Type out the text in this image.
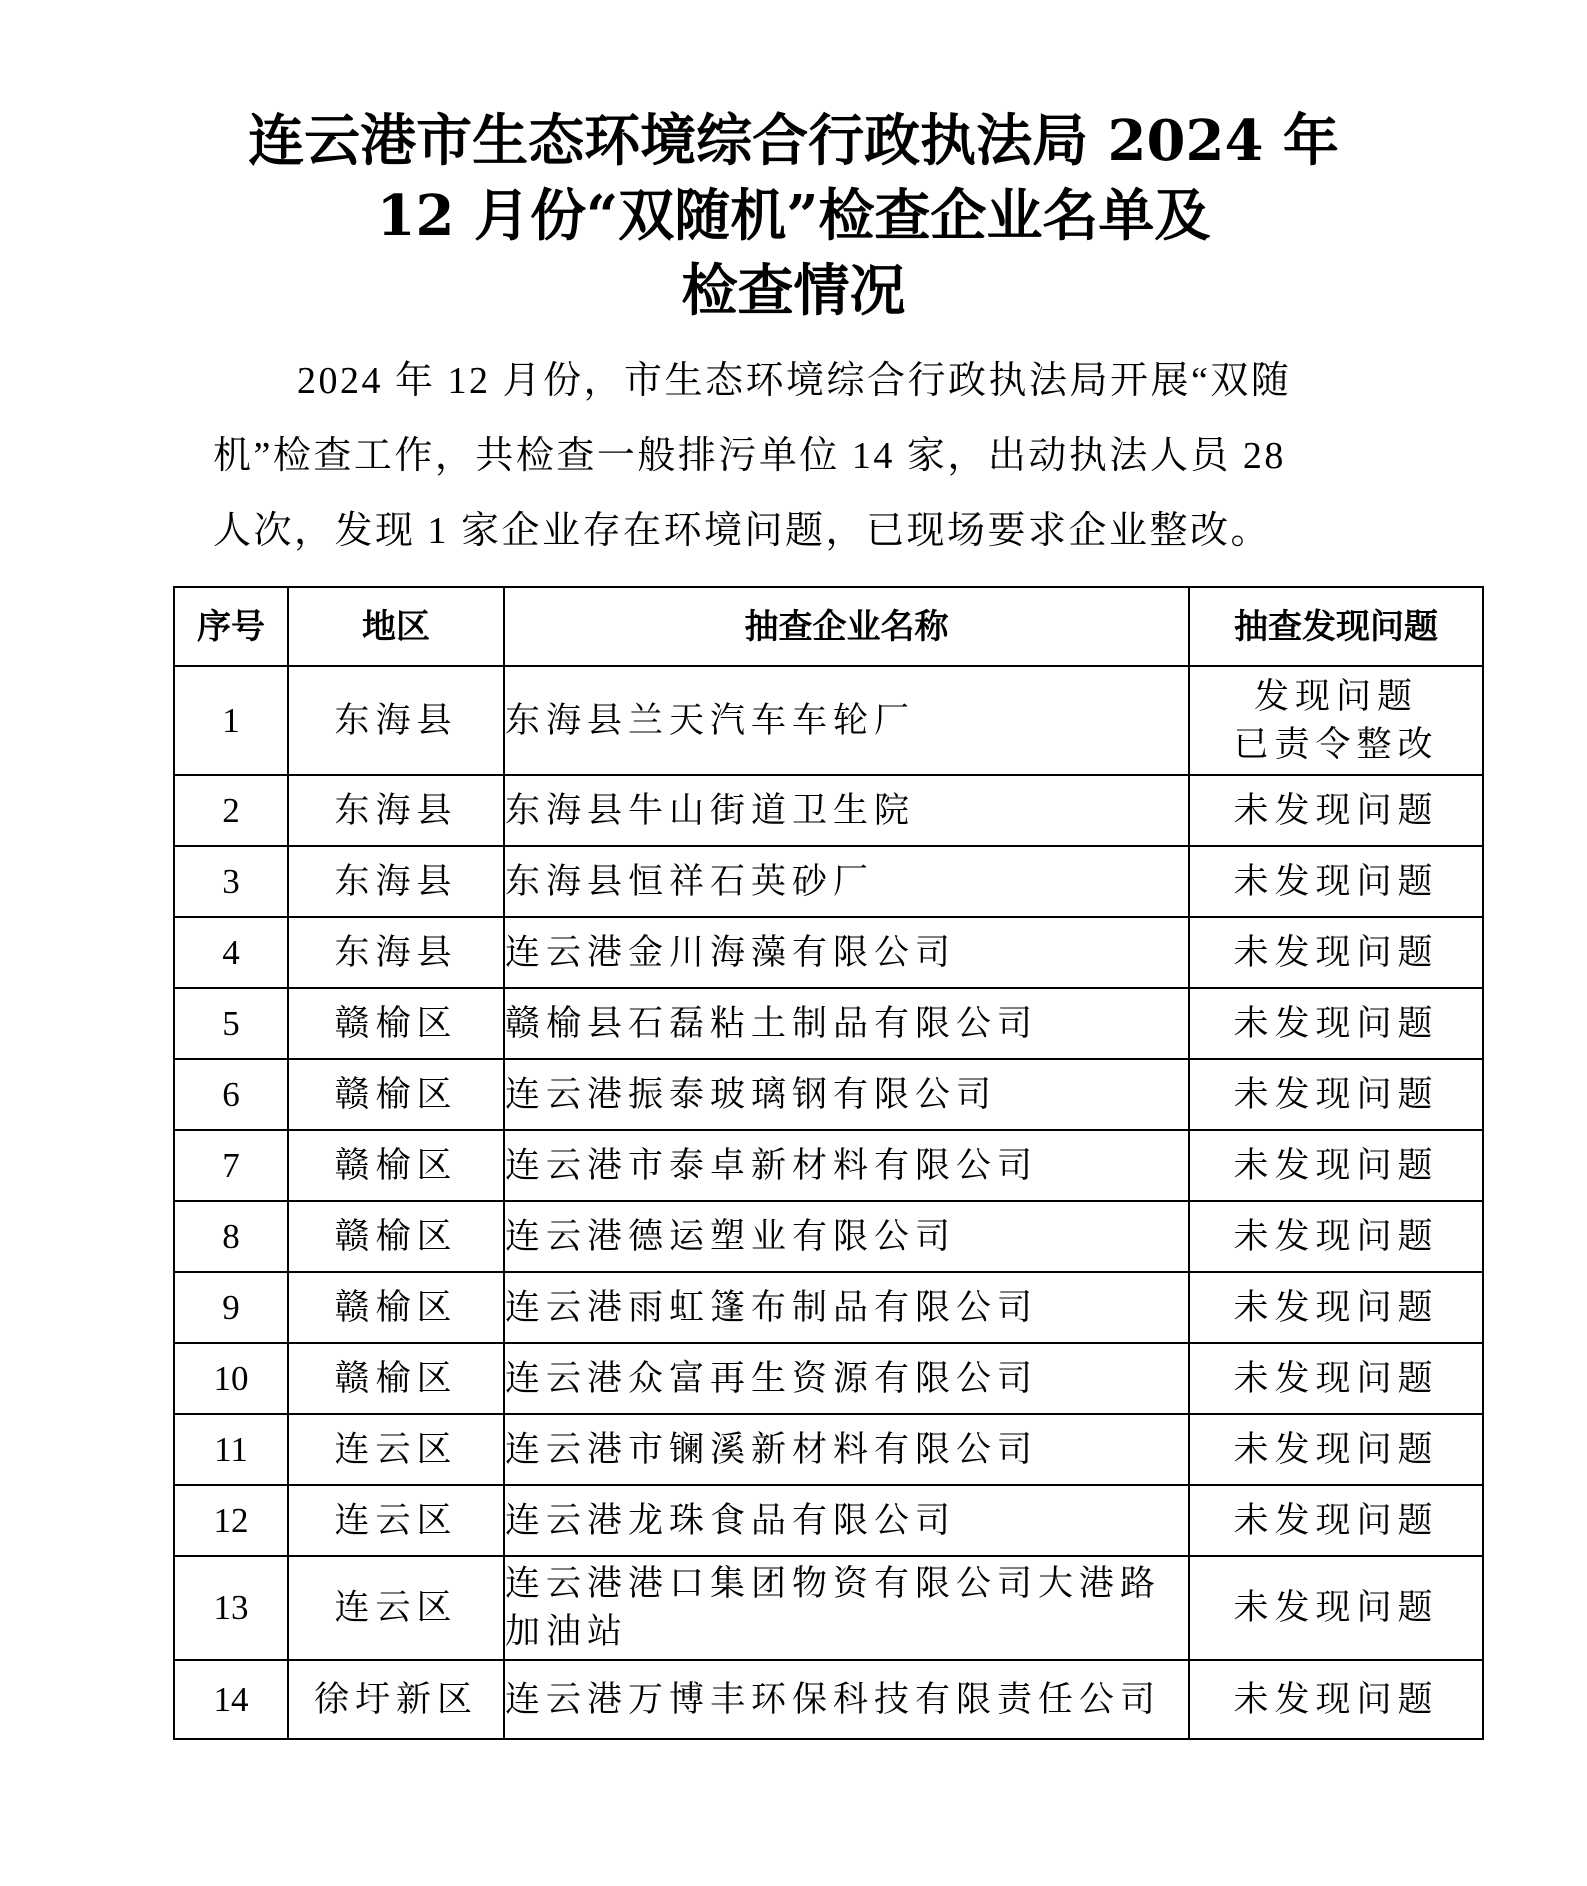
连云港市生态环境综合行政执法局 2024 年
12 月份“双随机”检查企业名单及
检查情况
2024 年 12 月份，市生态环境综合行政执法局开展“双随
机”检查工作，共检查一般排污单位 14 家，出动执法人员 28
人次，发现 1 家企业存在环境问题，已现场要求企业整改。
序号	地区	抽查企业名称	抽查发现问题
1	东海县	东海县兰天汽车车轮厂	发现问题
已责令整改

2	东海县	东海县牛山街道卫生院	未发现问题
3	东海县	东海县恒祥石英砂厂	未发现问题
4	东海县	连云港金川海藻有限公司	未发现问题
5	赣榆区	赣榆县石磊粘土制品有限公司	未发现问题
6	赣榆区	连云港振泰玻璃钢有限公司	未发现问题
7	赣榆区	连云港市泰卓新材料有限公司	未发现问题
8	赣榆区	连云港德运塑业有限公司	未发现问题
9	赣榆区	连云港雨虹篷布制品有限公司	未发现问题
10	赣榆区	连云港众富再生资源有限公司	未发现问题
11	连云区	连云港市镧溪新材料有限公司	未发现问题
12	连云区	连云港龙珠食品有限公司	未发现问题
13	连云区	连云港港口集团物资有限公司大港路
加油站	未发现问题
14	徐圩新区	连云港万博丰环保科技有限责任公司	未发现问题
